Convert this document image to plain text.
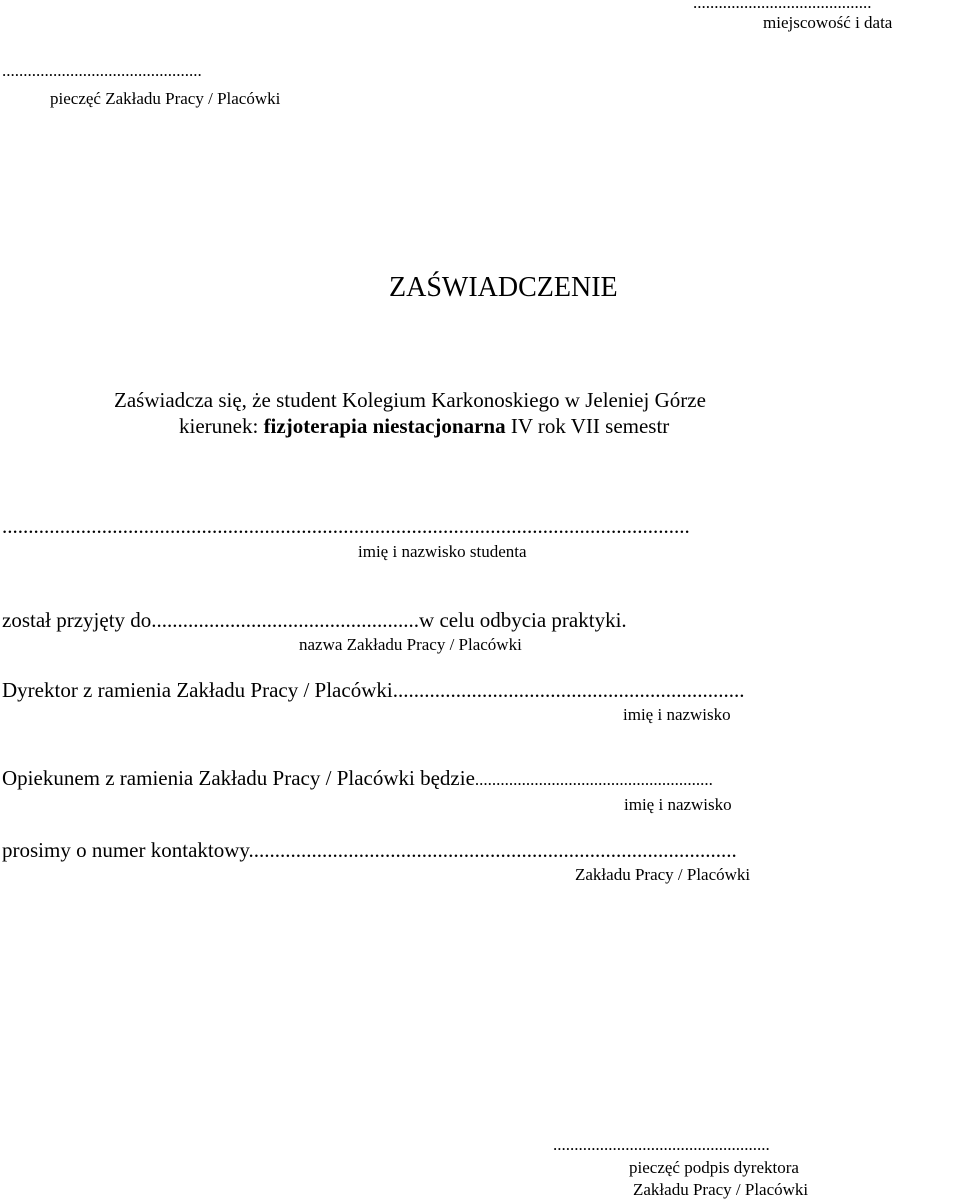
..........................................
miejscowość i data
...............................................
pieczęć Zakładu Pracy / Placówki
ZAŚWIADCZENIE
Zaświadcza się, że student Kolegium Karkonoskiego w Jeleniej Górze
kierunek: fizjoterapia niestacjonarna IV rok VII semestr
...................................................................................................................................
imię i nazwisko studenta
został przyjęty do...................................................w celu odbycia praktyki.
nazwa Zakładu Pracy / Placówki
Dyrektor z ramienia Zakładu Pracy / Placówki...................................................................
imię i nazwisko
Opiekunem z ramienia Zakładu Pracy / Placówki będzie........................................................
imię i nazwisko
prosimy o numer kontaktowy.............................................................................................
Zakładu Pracy / Placówki
...................................................
pieczęć podpis dyrektora
Zakładu Pracy / Placówki
